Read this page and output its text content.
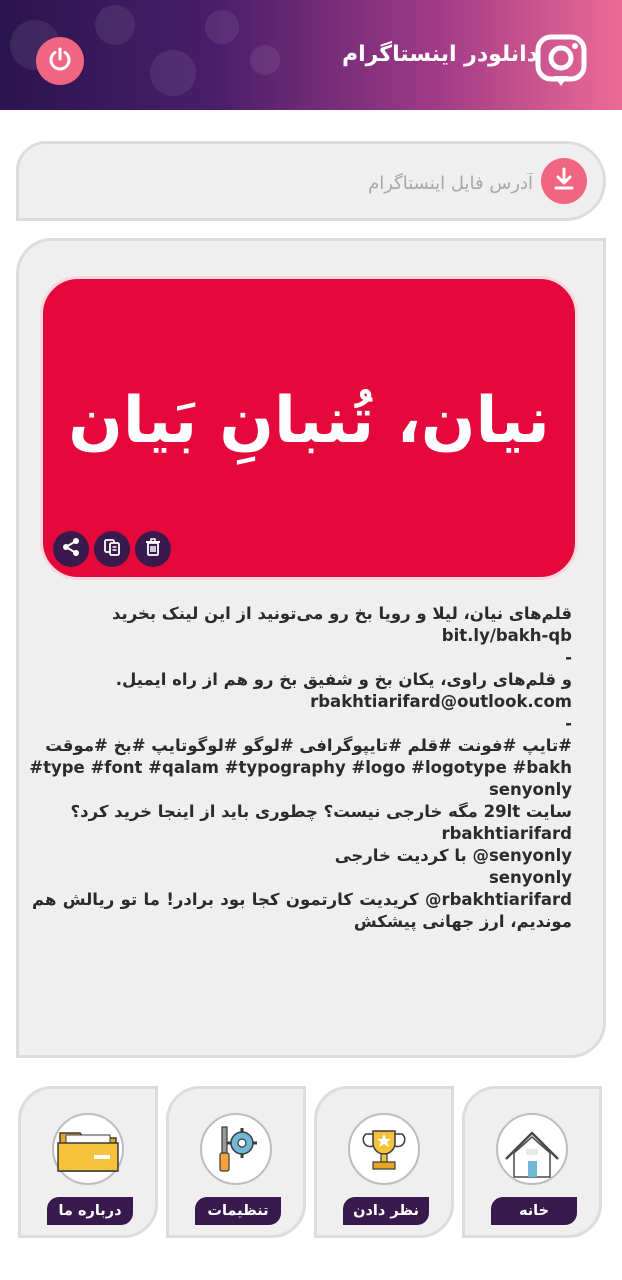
دانلودر اینستاگرام
آدرس فایل اینستاگرام
نیان، تُنبانِ بَیان
قلم‌های نیان، لیلا و رویا بخ رو می‌تونید از این لینک بخرید
bit.ly/bakh-qb
-
و قلم‌های راوی، یکان بخ و شفیق بخ رو هم از راه ایمیل.
rbakhtiarifard@outlook.com
-
#تایپ #فونت #قلم #تایپوگرافی #لوگو #لوگوتایپ #بخ #موقت
type #font #qalam #typography #logo #logotype #bakh#
senyonly
سایت 29lt مگه خارجی نیست؟ چطوری باید از اینجا خرید کرد؟
rbakhtiarifard
senyonly@ با کردیت خارجی
senyonly
rbakhtiarifard@ کریدیت کارتمون کجا بود برادر! ما تو ریالش هم موندیم، ارز جهانی پیشکش
خانه
نظر دادن
تنظیمات
درباره ما
